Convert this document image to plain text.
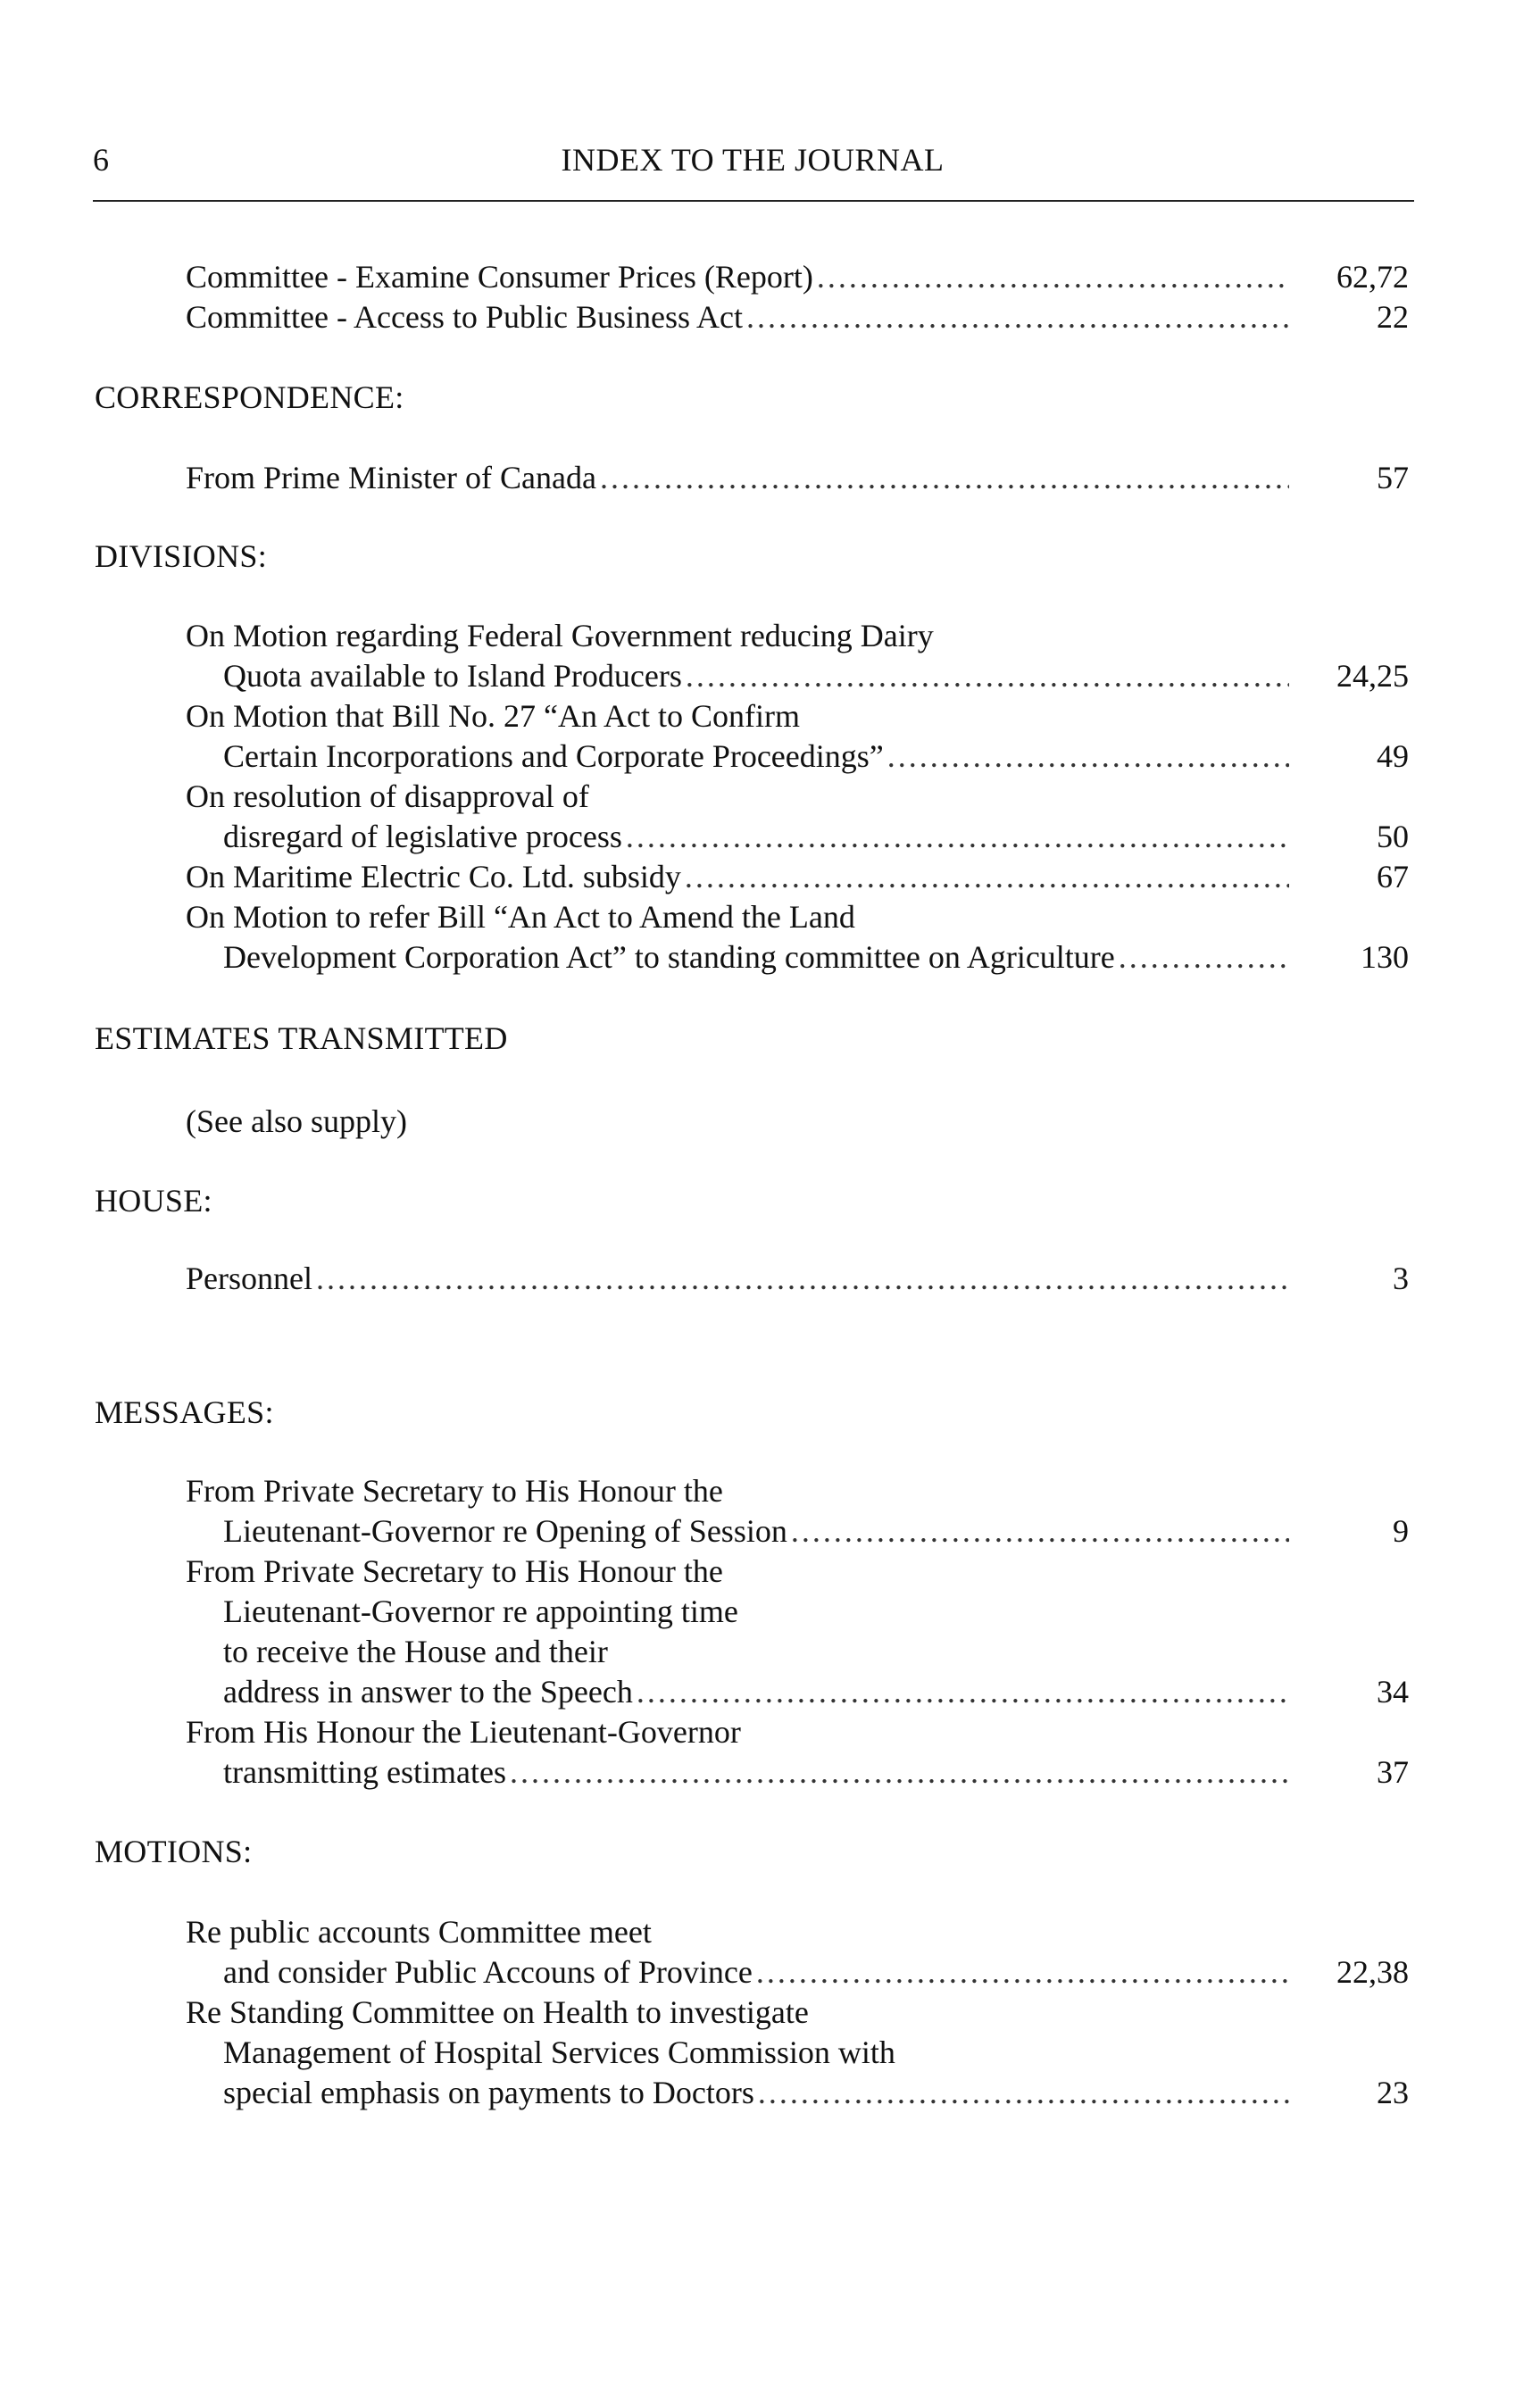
6	INDEX TO THE JOURNAL
Committee - Examine Consumer Prices (Report) .....	62,72
Committee - Access to Public Business Act .....	22
CORRESPONDENCE:
From Prime Minister of Canada .....	57
DIVISIONS:
On Motion regarding Federal Government reducing Dairy
Quota available to Island Producers .....	24,25
On Motion that Bill No. 27 “An Act to Confirm
Certain Incorporations and Corporate Proceedings” .....	49
On resolution of disapproval of
disregard of legislative process .....	50
On Maritime Electric Co. Ltd. subsidy .....	67
On Motion to refer Bill “An Act to Amend the Land
Development Corporation Act” to standing committee on Agriculture .....	130
ESTIMATES TRANSMITTED
(See also supply)
HOUSE:
Personnel .....	3
MESSAGES:
From Private Secretary to His Honour the
Lieutenant-Governor re Opening of Session .....	9
From Private Secretary to His Honour the
Lieutenant-Governor re appointing time
to receive the House and their
address in answer to the Speech .....	34
From His Honour the Lieutenant-Governor
transmitting estimates .....	37
MOTIONS:
Re public accounts Committee meet
and consider Public Accouns of Province .....	22,38
Re Standing Committee on Health to investigate
Management of Hospital Services Commission with
special emphasis on payments to Doctors .....	23
